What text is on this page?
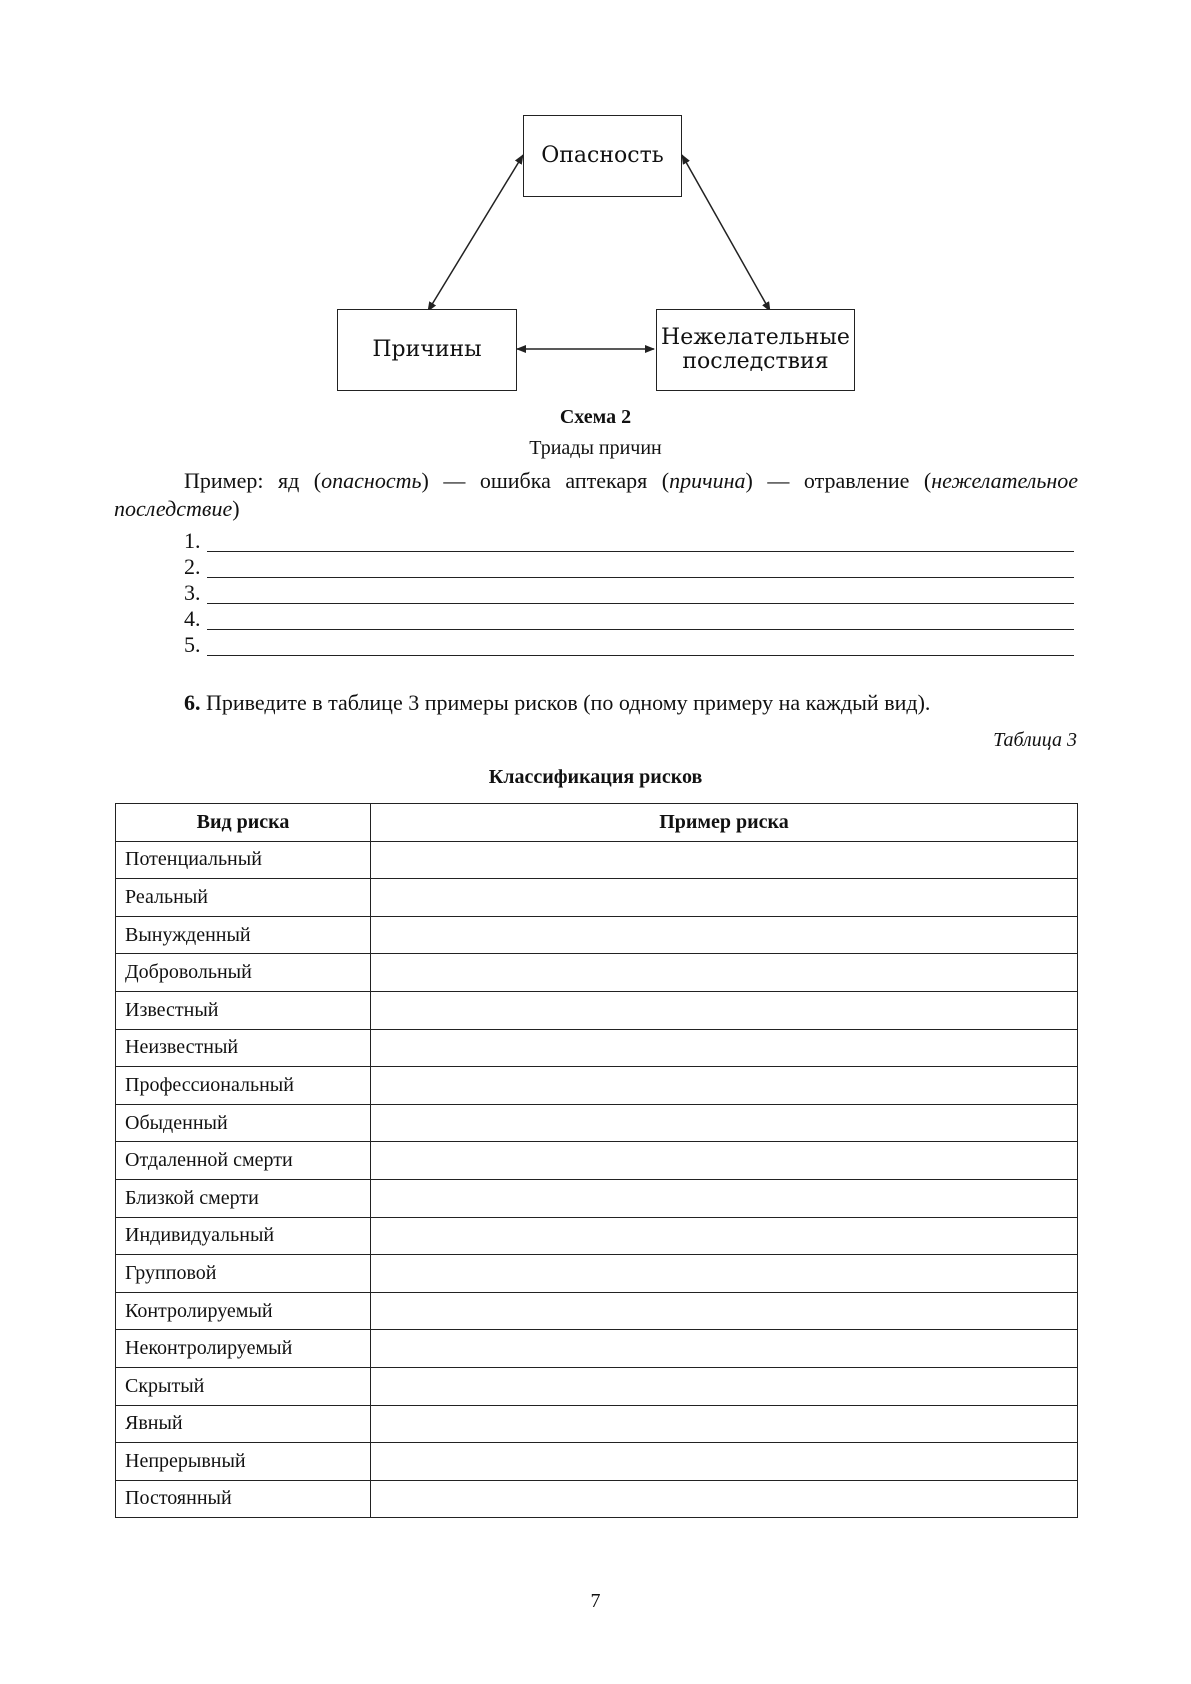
Опасность
Причины	Нежелательные
последствия
Схема 2
Триады причин
Пример: яд (опасность) — ошибка аптекаря (причина) — отравление (нежелательное последствие)
1.
2.
3.
4.
5.
6. Приведите в таблице 3 примеры рисков (по одному примеру на каждый вид).
Таблица 3
Классификация рисков
Вид риска	Пример риска
Потенциальный	
Реальный	
Вынужденный	
Добровольный	
Известный	
Неизвестный	
Профессиональный	
Обыденный	
Отдаленной смерти	
Близкой смерти	
Индивидуальный	
Групповой	
Контролируемый	
Неконтролируемый	
Скрытый	
Явный	
Непрерывный	
Постоянный	
7
